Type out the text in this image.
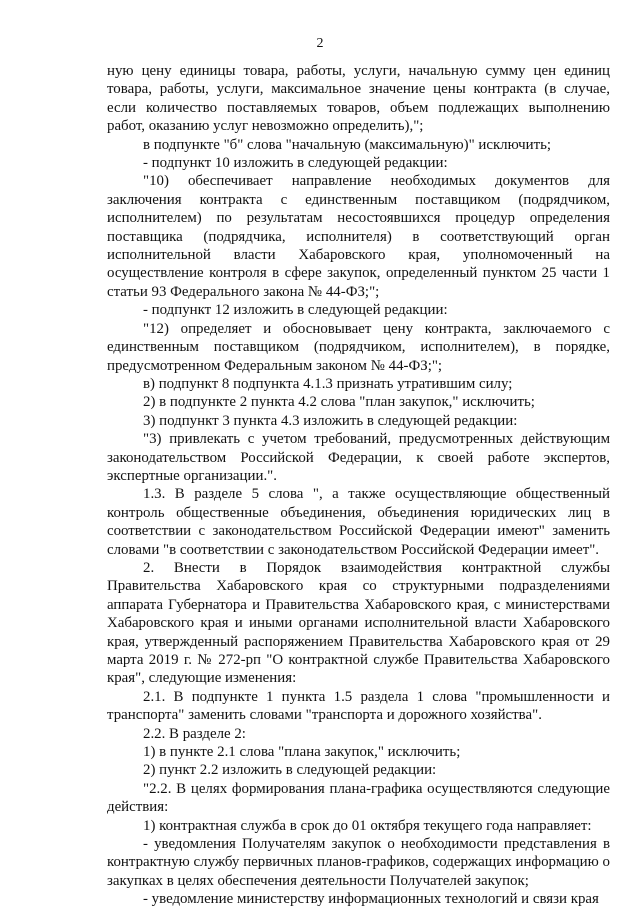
2

ную цену единицы товара, работы, услуги, начальную сумму цен единиц товара, работы, услуги, максимальное значение цены контракта (в случае, если количество поставляемых товаров, объем подлежащих выполнению работ, оказанию услуг невозможно определить),";

в подпункте "б" слова "начальную (максимальную)" исключить;

- подпункт 10 изложить в следующей редакции:

"10) обеспечивает направление необходимых документов для заключения контракта с единственным поставщиком (подрядчиком, исполнителем) по результатам несостоявшихся процедур определения поставщика (подрядчика, исполнителя) в соответствующий орган исполнительной власти Хабаровского края, уполномоченный на осуществление контроля в сфере закупок, определенный пунктом 25 части 1 статьи 93 Федерального закона № 44-ФЗ;";

- подпункт 12 изложить в следующей редакции:

"12) определяет и обосновывает цену контракта, заключаемого с единственным поставщиком (подрядчиком, исполнителем), в порядке, предусмотренном Федеральным законом № 44-ФЗ;";

в) подпункт 8 подпункта 4.1.3 признать утратившим силу;

2) в подпункте 2 пункта 4.2 слова "план закупок," исключить;

3) подпункт 3 пункта 4.3 изложить в следующей редакции:

"3) привлекать с учетом требований, предусмотренных действующим законодательством Российской Федерации, к своей работе экспертов, экспертные организации.".

1.3. В разделе 5 слова ", а также осуществляющие общественный контроль общественные объединения, объединения юридических лиц в соответствии с законодательством Российской Федерации имеют" заменить словами "в соответствии с законодательством Российской Федерации имеет".

2. Внести в Порядок взаимодействия контрактной службы Правительства Хабаровского края со структурными подразделениями аппарата Губернатора и Правительства Хабаровского края, с министерствами Хабаровского края и иными органами исполнительной власти Хабаровского края, утвержденный распоряжением Правительства Хабаровского края от 29 марта 2019 г. № 272-рп "О контрактной службе Правительства Хабаровского края", следующие изменения:

2.1. В подпункте 1 пункта 1.5 раздела 1 слова "промышленности и транспорта" заменить словами "транспорта и дорожного хозяйства".

2.2. В разделе 2:

1) в пункте 2.1 слова "плана закупок," исключить;

2) пункт 2.2 изложить в следующей редакции:

"2.2. В целях формирования плана-графика осуществляются следующие действия:

1) контрактная служба в срок до 01 октября текущего года направляет:

- уведомления Получателям закупок о необходимости представления в контрактную службу первичных планов-графиков, содержащих информацию о закупках в целях обеспечения деятельности Получателей закупок;

- уведомление министерству информационных технологий и связи края
